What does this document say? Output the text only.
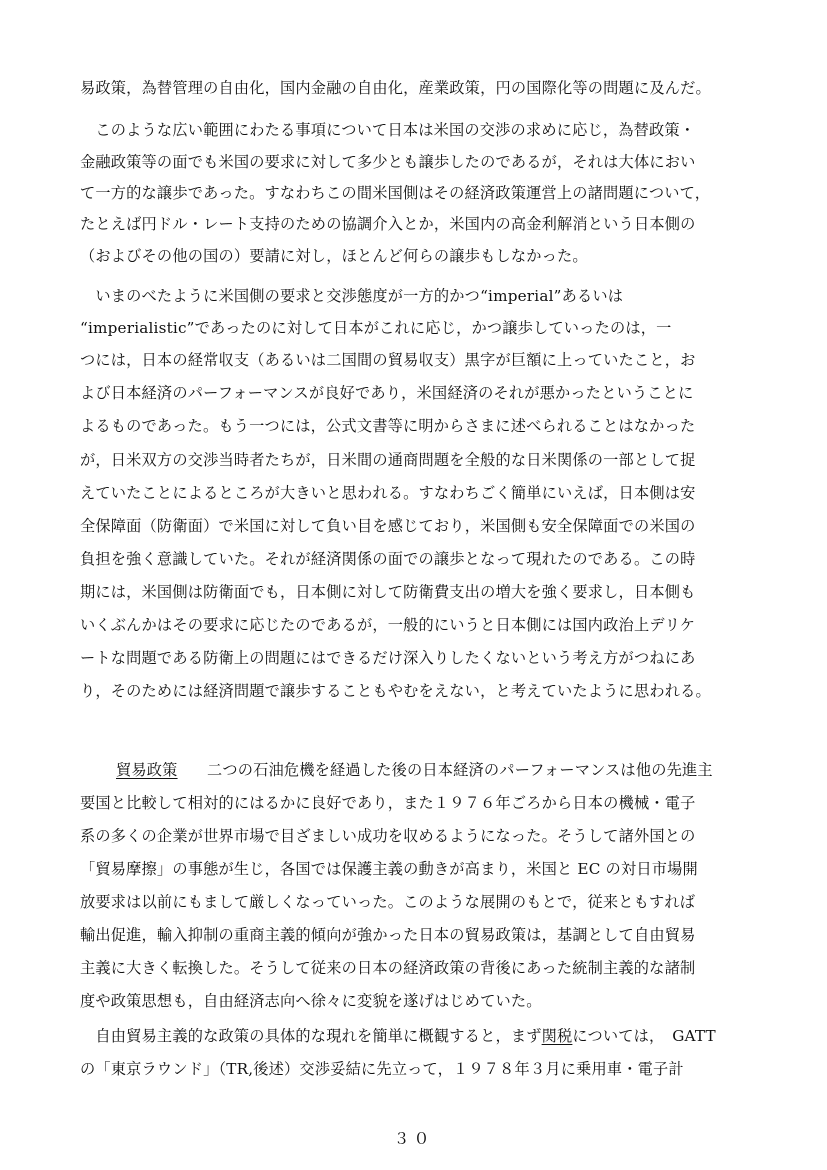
易政策，為替管理の自由化，国内金融の自由化，産業政策，円の国際化等の問題に及んだ。
　このような広い範囲にわたる事項について日本は米国の交渉の求めに応じ，為替政策・
金融政策等の面でも米国の要求に対して多少とも譲歩したのであるが，それは大体におい
て一方的な譲歩であった。すなわちこの間米国側はその経済政策運営上の諸問題について，
たとえば円ドル・レート支持のための協調介入とか，米国内の高金利解消という日本側の
（およびその他の国の）要請に対し，ほとんど何らの譲歩もしなかった。
　いまのべたように米国側の要求と交渉態度が一方的かつ“imperial”あるいは
“imperialistic”であったのに対して日本がこれに応じ，かつ譲歩していったのは，一
つには，日本の経常収支（あるいは二国間の貿易収支）黒字が巨額に上っていたこと，お
よび日本経済のパーフォーマンスが良好であり，米国経済のそれが悪かったということに
よるものであった。もう一つには，公式文書等に明からさまに述べられることはなかった
が，日米双方の交渉当時者たちが，日米間の通商問題を全般的な日米関係の一部として捉
えていたことによるところが大きいと思われる。すなわちごく簡単にいえば，日本側は安
全保障面（防衛面）で米国に対して負い目を感じており，米国側も安全保障面での米国の
負担を強く意識していた。それが経済関係の面での譲歩となって現れたのである。この時
期には，米国側は防衛面でも，日本側に対して防衛費支出の増大を強く要求し，日本側も
いくぶんかはその要求に応じたのであるが，一般的にいうと日本側には国内政治上デリケ
ートな問題である防衛上の問題にはできるだけ深入りしたくないという考え方がつねにあ
り，そのためには経済問題で譲歩することもやむをえない，と考えていたように思われる。
貿易政策　二つの石油危機を経過した後の日本経済のパーフォーマンスは他の先進主
要国と比較して相対的にはるかに良好であり，また１９７６年ごろから日本の機械・電子
系の多くの企業が世界市場で目ざましい成功を収めるようになった。そうして諸外国との
「貿易摩擦」の事態が生じ，各国では保護主義の動きが高まり，米国と EC の対日市場開
放要求は以前にもまして厳しくなっていった。このような展開のもとで，従来ともすれば
輸出促進，輸入抑制の重商主義的傾向が強かった日本の貿易政策は，基調として自由貿易
主義に大きく転換した。そうして従来の日本の経済政策の背後にあった統制主義的な諸制
度や政策思想も，自由経済志向へ徐々に変貌を遂げはじめていた。
　自由貿易主義的な政策の具体的な現れを簡単に概観すると，まず関税については，　GATT
の「東京ラウンド」（TR,後述）交渉妥結に先立って，１９７８年３月に乗用車・電子計
３０
